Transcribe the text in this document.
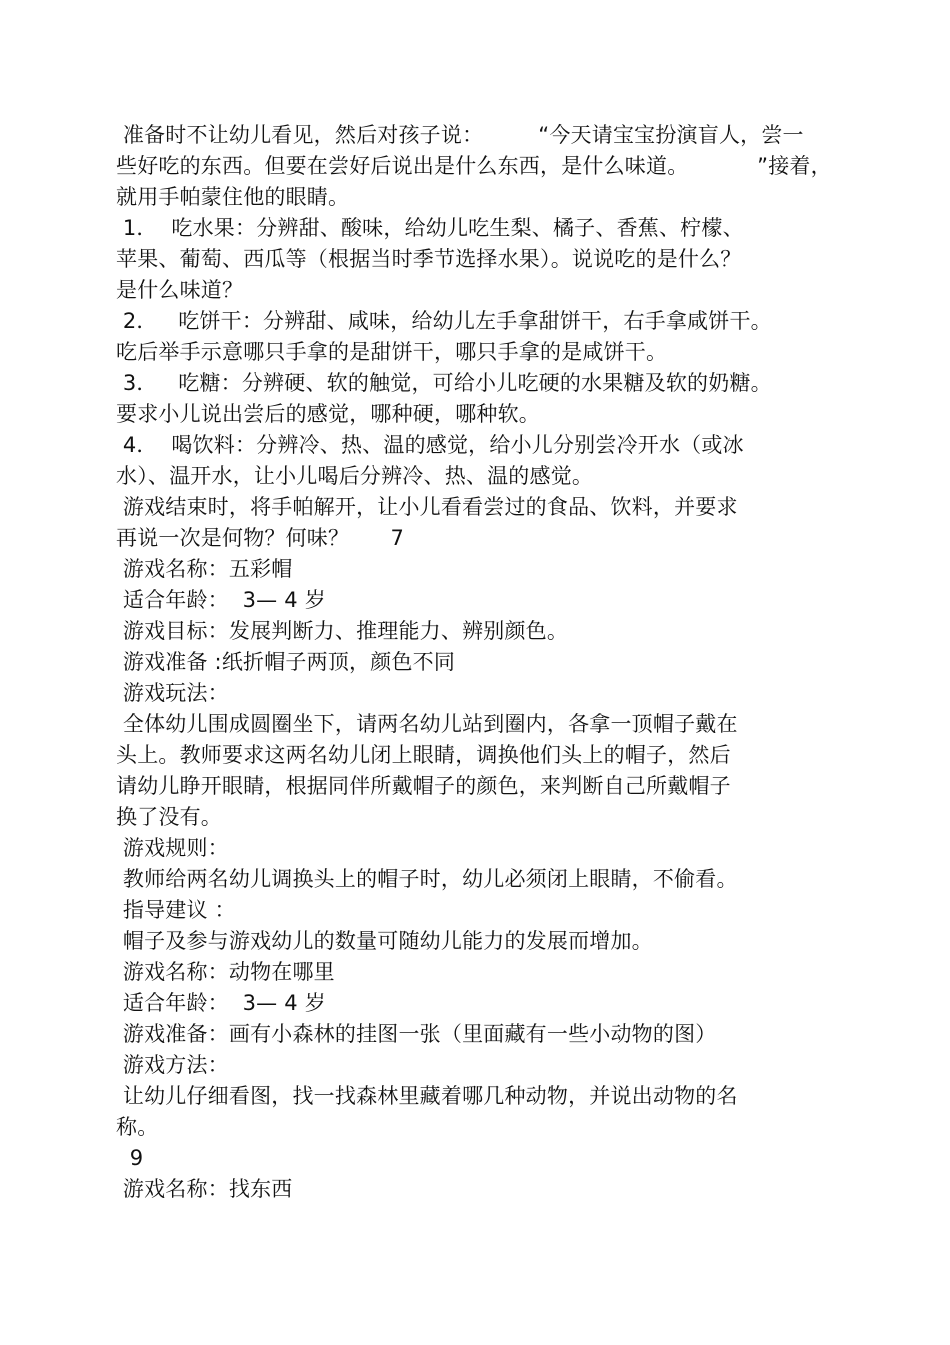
准备时不让幼儿看见，然后对孩子说：        “今天请宝宝扮演盲人，尝一
些好吃的东西。但要在尝好后说出是什么东西，是什么味道。          ”接着，
就用手帕蒙住他的眼睛。
1．  吃水果：分辨甜、酸味，给幼儿吃生梨、橘子、香蕉、柠檬、
苹果、葡萄、西瓜等（根据当时季节选择水果）。说说吃的是什么？
是什么味道？
2．   吃饼干：分辨甜、咸味，给幼儿左手拿甜饼干，右手拿咸饼干。
吃后举手示意哪只手拿的是甜饼干，哪只手拿的是咸饼干。
3．   吃糖：分辨硬、软的触觉，可给小儿吃硬的水果糖及软的奶糖。
要求小儿说出尝后的感觉，哪种硬，哪种软。
4．  喝饮料：分辨冷、热、温的感觉，给小儿分别尝冷开水（或冰
水）、温开水，让小儿喝后分辨冷、热、温的感觉。
游戏结束时，将手帕解开，让小儿看看尝过的食品、饮料，并要求
再说一次是何物？何味？      7
游戏名称：五彩帽
适合年龄：  3— 4 岁
游戏目标：发展判断力、推理能力、辨别颜色。
游戏准备 :纸折帽子两顶，颜色不同
游戏玩法：
全体幼儿围成圆圈坐下，请两名幼儿站到圈内，各拿一顶帽子戴在
头上。教师要求这两名幼儿闭上眼睛，调换他们头上的帽子，然后
请幼儿睁开眼睛，根据同伴所戴帽子的颜色，来判断自己所戴帽子
换了没有。
游戏规则：
教师给两名幼儿调换头上的帽子时，幼儿必须闭上眼睛，不偷看。
指导建议 ：
帽子及参与游戏幼儿的数量可随幼儿能力的发展而增加。
游戏名称：动物在哪里
适合年龄：  3— 4 岁
游戏准备：画有小森林的挂图一张（里面藏有一些小动物的图）
游戏方法：
让幼儿仔细看图，找一找森林里藏着哪几种动物，并说出动物的名
称。
9
游戏名称：找东西
